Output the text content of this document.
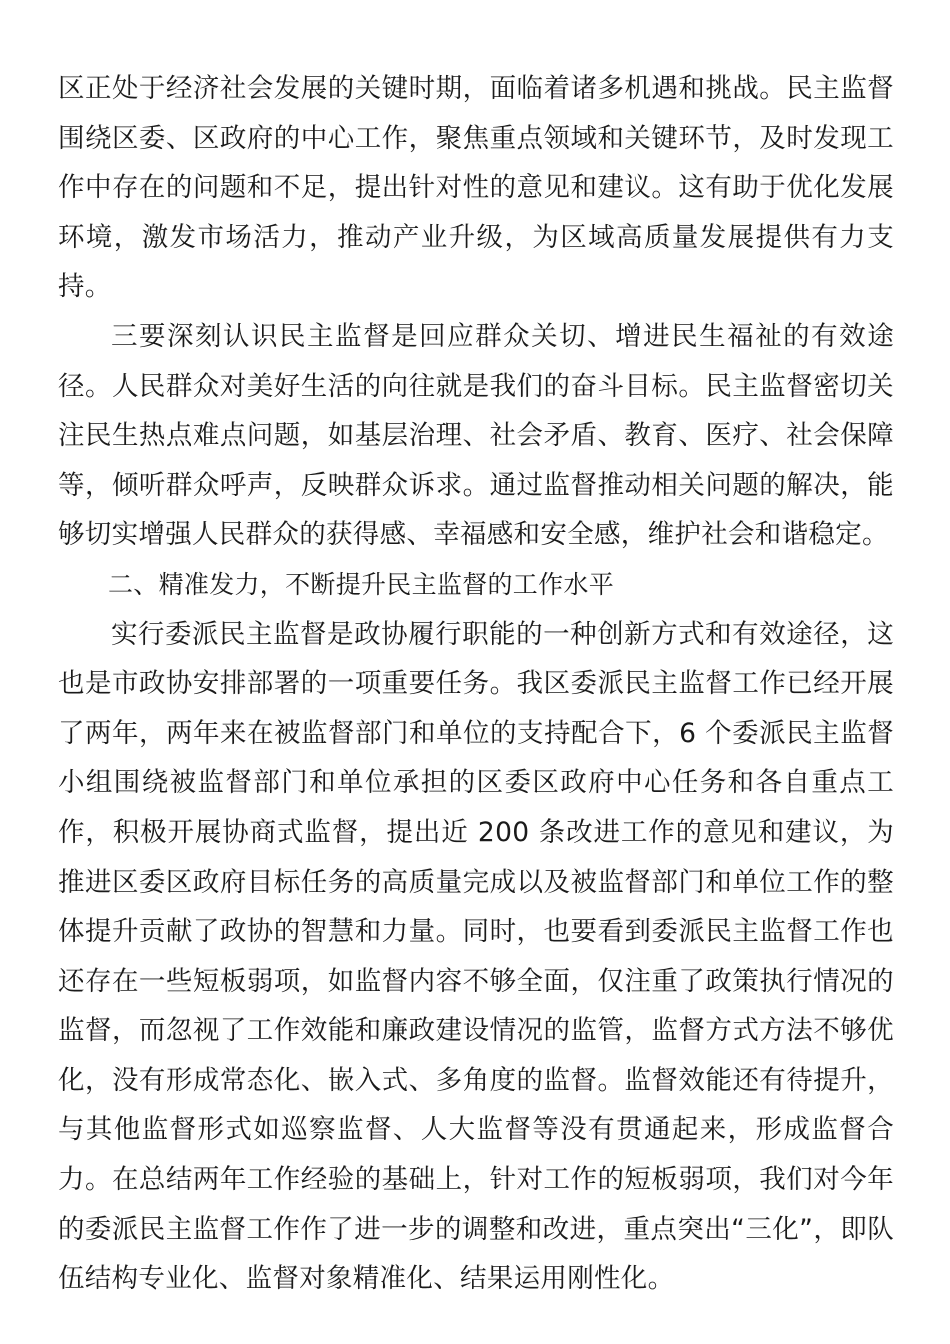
区正处于经济社会发展的关键时期，面临着诸多机遇和挑战。民主监督围绕区委、区政府的中心工作，聚焦重点领域和关键环节，及时发现工作中存在的问题和不足，提出针对性的意见和建议。这有助于优化发展环境，激发市场活力，推动产业升级，为区域高质量发展提供有力支持。

三要深刻认识民主监督是回应群众关切、增进民生福祉的有效途径。人民群众对美好生活的向往就是我们的奋斗目标。民主监督密切关注民生热点难点问题，如基层治理、社会矛盾、教育、医疗、社会保障等，倾听群众呼声，反映群众诉求。通过监督推动相关问题的解决，能够切实增强人民群众的获得感、幸福感和安全感，维护社会和谐稳定。

二、精准发力，不断提升民主监督的工作水平

实行委派民主监督是政协履行职能的一种创新方式和有效途径，这也是市政协安排部署的一项重要任务。我区委派民主监督工作已经开展了两年，两年来在被监督部门和单位的支持配合下，6 个委派民主监督小组围绕被监督部门和单位承担的区委区政府中心任务和各自重点工作，积极开展协商式监督，提出近 200 条改进工作的意见和建议，为推进区委区政府目标任务的高质量完成以及被监督部门和单位工作的整体提升贡献了政协的智慧和力量。同时，也要看到委派民主监督工作也还存在一些短板弱项，如监督内容不够全面，仅注重了政策执行情况的监督，而忽视了工作效能和廉政建设情况的监管，监督方式方法不够优化，没有形成常态化、嵌入式、多角度的监督。监督效能还有待提升，与其他监督形式如巡察监督、人大监督等没有贯通起来，形成监督合力。在总结两年工作经验的基础上，针对工作的短板弱项，我们对今年的委派民主监督工作作了进一步的调整和改进，重点突出“三化”，即队伍结构专业化、监督对象精准化、结果运用刚性化。
